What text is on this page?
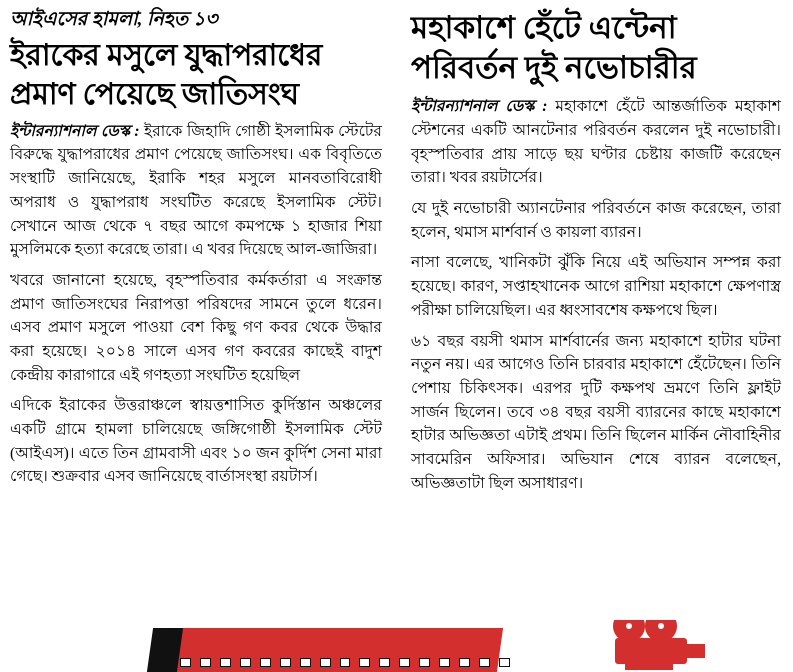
আইএসের হামলা, নিহত ১৩
ইরাকের মসুলে যুদ্ধাপরাধের প্রমাণ পেয়েছে জাতিসংঘ

ইন্টারন্যাশনাল ডেস্ক : ইরাকে জিহাদি গোষ্ঠী ইসলামিক স্টেটের বিরুদ্ধে যুদ্ধাপরাধের প্রমাণ পেয়েছে জাতিসংঘ। এক বিবৃতিতে সংস্থাটি জানিয়েছে, ইরাকি শহর মসুলে মানবতাবিরোধী অপরাধ ও যুদ্ধাপরাধ সংঘটিত করেছে ইসলামিক স্টেট। সেখানে আজ থেকে ৭ বছর আগে কমপক্ষে ১ হাজার শিয়া মুসলিমকে হত্যা করেছে তারা। এ খবর দিয়েছে আল-জাজিরা।

খবরে জানানো হয়েছে, বৃহস্পতিবার কর্মকর্তারা এ সংক্রান্ত প্রমাণ জাতিসংঘের নিরাপত্তা পরিষদের সামনে তুলে ধরেন। এসব প্রমাণ মসুলে পাওয়া বেশ কিছু গণ কবর থেকে উদ্ধার করা হয়েছে। ২০১৪ সালে এসব গণ কবরের কাছেই বাদুশ কেন্দ্রীয় কারাগারে এই গণহত্যা সংঘটিত হয়েছিল

এদিকে ইরাকের উত্তরাঞ্চলে স্বায়ত্তশাসিত কুর্দিস্তান অঞ্চলের একটি গ্রামে হামলা চালিয়েছে জঙ্গিগোষ্ঠী ইসলামিক স্টেট (আইএস)। এতে তিন গ্রামবাসী এবং ১০ জন কুর্দিশ সেনা মারা গেছে। শুক্রবার এসব জানিয়েছে বার্তাসংস্থা রয়টার্স।

মহাকাশে হেঁটে এন্টেনা পরিবর্তন দুই নভোচারীর

ইন্টারন্যাশনাল ডেস্ক : মহাকাশে হেঁটে আন্তর্জাতিক মহাকাশ স্টেশনের একটি আনটেনার পরিবর্তন করলেন দুই নভোচারী। বৃহস্পতিবার প্রায় সাড়ে ছয় ঘণ্টার চেষ্টায় কাজটি করেছেন তারা। খবর রয়টার্সের।

যে দুই নভোচারী অ্যানটেনার পরিবর্তনে কাজ করেছেন, তারা হলেন, থমাস মার্শবার্ন ও কায়লা ব্যারন।

নাসা বলেছে, খানিকটা ঝুঁকি নিয়ে এই অভিযান সম্পন্ন করা হয়েছে। কারণ, সপ্তাহখানেক আগে রাশিয়া মহাকাশে ক্ষেপণাস্ত্র পরীক্ষা চালিয়েছিল। এর ধ্বংসাবশেষ কক্ষপথে ছিল।

৬১ বছর বয়সী থমাস মার্শবার্নের জন্য মহাকাশে হাটার ঘটনা নতুন নয়। এর আগেও তিনি চারবার মহাকাশে হেঁটেছেন। তিনি পেশায় চিকিৎসক। এরপর দুটি কক্ষপথ ভ্রমণে তিনি ফ্লাইট সার্জন ছিলেন। তবে ৩৪ বছর বয়সী ব্যারনের কাছে মহাকাশে হাটার অভিজ্ঞতা এটাই প্রথম। তিনি ছিলেন মার্কিন নৌবাহিনীর সাবমেরিন অফিসার। অভিযান শেষে ব্যারন বলেছেন, অভিজ্ঞতাটা ছিল অসাধারণ।
